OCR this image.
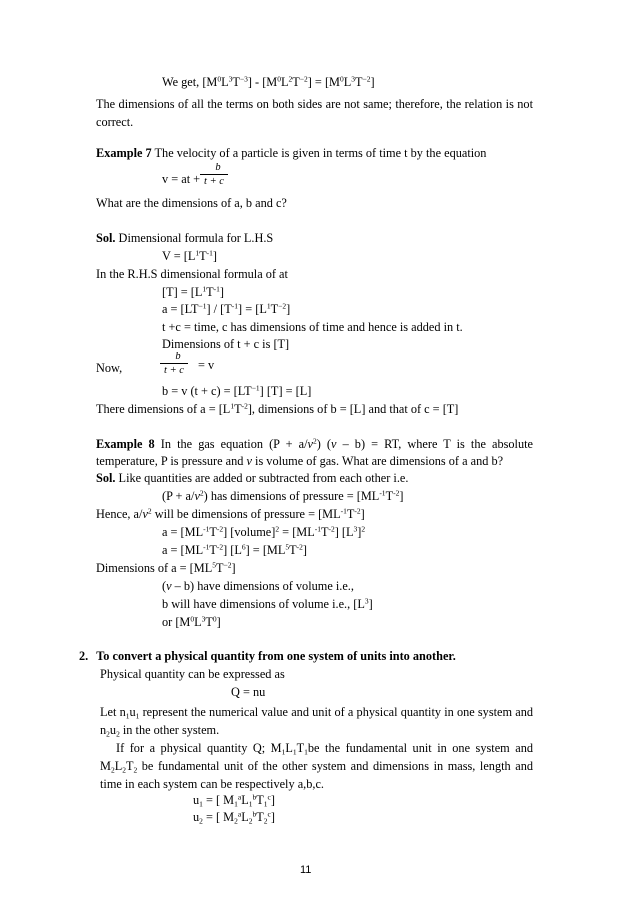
We get, $[M^0L^3T^{-3}] - [M^0L^2T^{-2}] = [M^0L^3T^{-2}]$
The dimensions of all the terms on both sides are not same; therefore, the relation is not correct.
Example 7 The velocity of a particle is given in terms of time t by the equation
v = at + $\frac{b}{t + c}$
What are the dimensions of a, b and c?
Sol. Dimensional formula for L.H.S
$V = [L^1T^{-1}]$
In the R.H.S dimensional formula of at
$[T] = [L^1T^{-1}]$
$a = [LT^{-1}] / [T^{-1}] = [L^1T^{-2}]$
t +c = time, c has dimensions of time and hence is added in t.
Dimensions of t + c is [T]
Now,	$\frac{b}{t + c} = v$
b = v $(t + c) = [LT^{-1}] [T] = [L]$
There dimensions of $a = [L^1T^{-2}]$, dimensions of b = [L] and that of c = [T]
Example 8 In the gas equation $(P + a/v^2)$ (v – b) = RT, where T is the absolute temperature, P is pressure and v is volume of gas. What are dimensions of a and b?
Sol. Like quantities are added or subtracted from each other i.e.
$(P + a/v^2)$ has dimensions of pressure = $[ML^{-1}T^{-2}]$
Hence, $a/v^2$ will be dimensions of pressure = $[ML^{-1}T^{-2}]$
$a = [ML^{-1}T^{-2}]$ [volume]$^2$ = $[ML^{-1}T^{-2}]$ $[L^3]^2$
$a = [ML^{-1}T^{-2}] [L^6] = [ML^5T^{-2}]$
Dimensions of $a = [ML^5T^{-2}]$
(v – b) have dimensions of volume i.e.,
b will have dimensions of volume i.e., $[L^3]$
or $[M^0L^3T^0]$
2. To convert a physical quantity from one system of units into another.
Physical quantity can be expressed as
Q = nu
Let $n_1u_1$ represent the numerical value and unit of a physical quantity in one system and $n_2u_2$ in the other system.
If for a physical quantity Q; $M_1L_1T_1be$ the fundamental unit in one system and $M_2L_2T_2$ be fundamental unit of the other system and dimensions in mass, length and time in each system can be respectively a,b,c.
$u_1$ = [ $M_1^aL_1^bT_1^c$]
$u_2$ = [ $M_2^aL_2^bT_2^c$]
11
